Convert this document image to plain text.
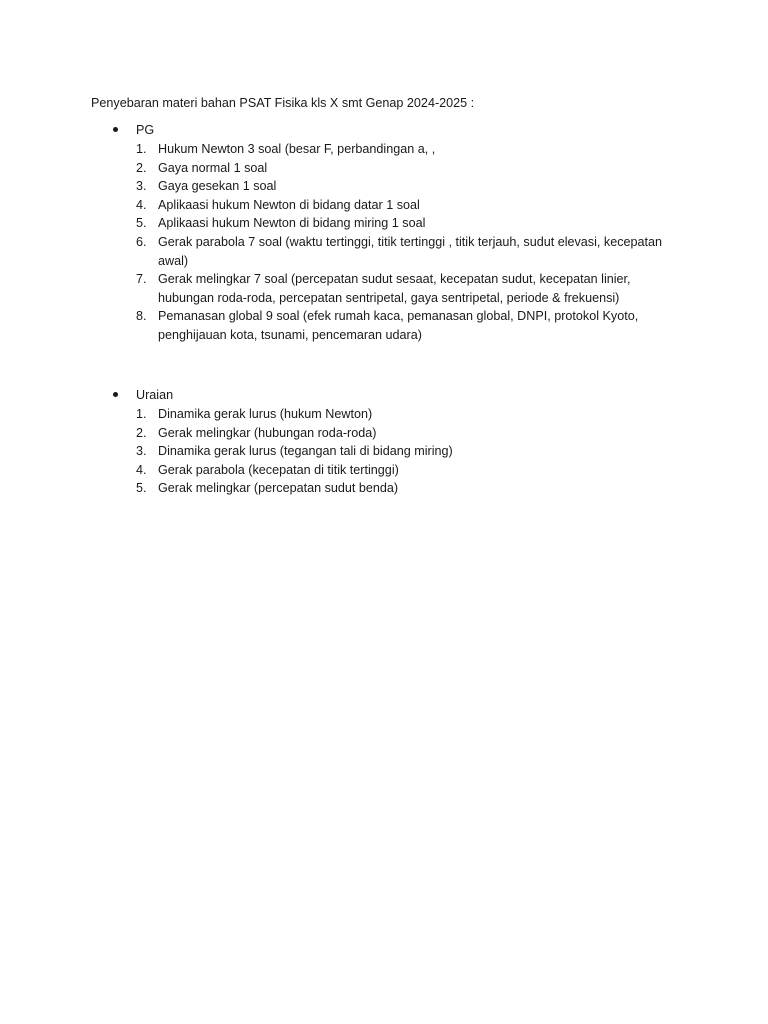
Penyebaran materi bahan PSAT Fisika kls X smt Genap 2024-2025 :
PG
1. Hukum Newton 3 soal (besar F, perbandingan a, ,
2. Gaya normal 1 soal
3. Gaya gesekan 1 soal
4. Aplikaasi hukum Newton di bidang datar 1 soal
5. Aplikaasi hukum Newton di bidang miring 1 soal
6. Gerak parabola 7 soal (waktu tertinggi, titik tertinggi , titik terjauh, sudut elevasi, kecepatan awal)
7. Gerak melingkar 7 soal (percepatan sudut sesaat, kecepatan sudut, kecepatan linier, hubungan roda-roda, percepatan sentripetal, gaya sentripetal, periode & frekuensi)
8. Pemanasan global 9 soal (efek rumah kaca, pemanasan global, DNPI, protokol Kyoto, penghijauan kota, tsunami, pencemaran udara)
Uraian
1. Dinamika gerak lurus (hukum Newton)
2. Gerak melingkar (hubungan roda-roda)
3. Dinamika gerak lurus (tegangan tali di bidang miring)
4. Gerak parabola (kecepatan di titik tertinggi)
5. Gerak melingkar (percepatan sudut benda)
